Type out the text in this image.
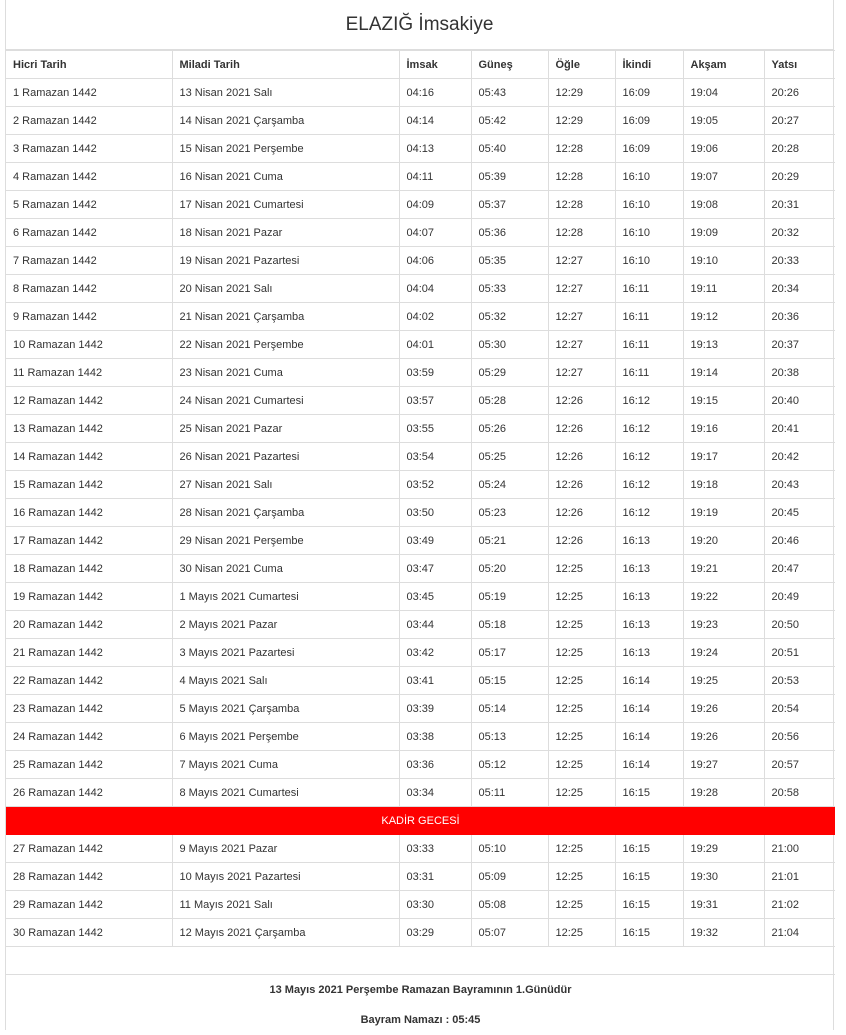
ELAZIĞ İmsakiye
Hicri Tarih	Miladi Tarih	İmsak	Güneş	Öğle	İkindi	Akşam	Yatsı
1 Ramazan 1442	13 Nisan 2021 Salı	04:16	05:43	12:29	16:09	19:04	20:26
2 Ramazan 1442	14 Nisan 2021 Çarşamba	04:14	05:42	12:29	16:09	19:05	20:27
3 Ramazan 1442	15 Nisan 2021 Perşembe	04:13	05:40	12:28	16:09	19:06	20:28
4 Ramazan 1442	16 Nisan 2021 Cuma	04:11	05:39	12:28	16:10	19:07	20:29
5 Ramazan 1442	17 Nisan 2021 Cumartesi	04:09	05:37	12:28	16:10	19:08	20:31
6 Ramazan 1442	18 Nisan 2021 Pazar	04:07	05:36	12:28	16:10	19:09	20:32
7 Ramazan 1442	19 Nisan 2021 Pazartesi	04:06	05:35	12:27	16:10	19:10	20:33
8 Ramazan 1442	20 Nisan 2021 Salı	04:04	05:33	12:27	16:11	19:11	20:34
9 Ramazan 1442	21 Nisan 2021 Çarşamba	04:02	05:32	12:27	16:11	19:12	20:36
10 Ramazan 1442	22 Nisan 2021 Perşembe	04:01	05:30	12:27	16:11	19:13	20:37
11 Ramazan 1442	23 Nisan 2021 Cuma	03:59	05:29	12:27	16:11	19:14	20:38
12 Ramazan 1442	24 Nisan 2021 Cumartesi	03:57	05:28	12:26	16:12	19:15	20:40
13 Ramazan 1442	25 Nisan 2021 Pazar	03:55	05:26	12:26	16:12	19:16	20:41
14 Ramazan 1442	26 Nisan 2021 Pazartesi	03:54	05:25	12:26	16:12	19:17	20:42
15 Ramazan 1442	27 Nisan 2021 Salı	03:52	05:24	12:26	16:12	19:18	20:43
16 Ramazan 1442	28 Nisan 2021 Çarşamba	03:50	05:23	12:26	16:12	19:19	20:45
17 Ramazan 1442	29 Nisan 2021 Perşembe	03:49	05:21	12:26	16:13	19:20	20:46
18 Ramazan 1442	30 Nisan 2021 Cuma	03:47	05:20	12:25	16:13	19:21	20:47
19 Ramazan 1442	1 Mayıs 2021 Cumartesi	03:45	05:19	12:25	16:13	19:22	20:49
20 Ramazan 1442	2 Mayıs 2021 Pazar	03:44	05:18	12:25	16:13	19:23	20:50
21 Ramazan 1442	3 Mayıs 2021 Pazartesi	03:42	05:17	12:25	16:13	19:24	20:51
22 Ramazan 1442	4 Mayıs 2021 Salı	03:41	05:15	12:25	16:14	19:25	20:53
23 Ramazan 1442	5 Mayıs 2021 Çarşamba	03:39	05:14	12:25	16:14	19:26	20:54
24 Ramazan 1442	6 Mayıs 2021 Perşembe	03:38	05:13	12:25	16:14	19:26	20:56
25 Ramazan 1442	7 Mayıs 2021 Cuma	03:36	05:12	12:25	16:14	19:27	20:57
26 Ramazan 1442	8 Mayıs 2021 Cumartesi	03:34	05:11	12:25	16:15	19:28	20:58
KADİR GECESİ							
27 Ramazan 1442	9 Mayıs 2021 Pazar	03:33	05:10	12:25	16:15	19:29	21:00
28 Ramazan 1442	10 Mayıs 2021 Pazartesi	03:31	05:09	12:25	16:15	19:30	21:01
29 Ramazan 1442	11 Mayıs 2021 Salı	03:30	05:08	12:25	16:15	19:31	21:02
30 Ramazan 1442	12 Mayıs 2021 Çarşamba	03:29	05:07	12:25	16:15	19:32	21:04

13 Mayıs 2021 Perşembe Ramazan Bayramının 1.Günüdür							
Bayram Namazı : 05:45							
